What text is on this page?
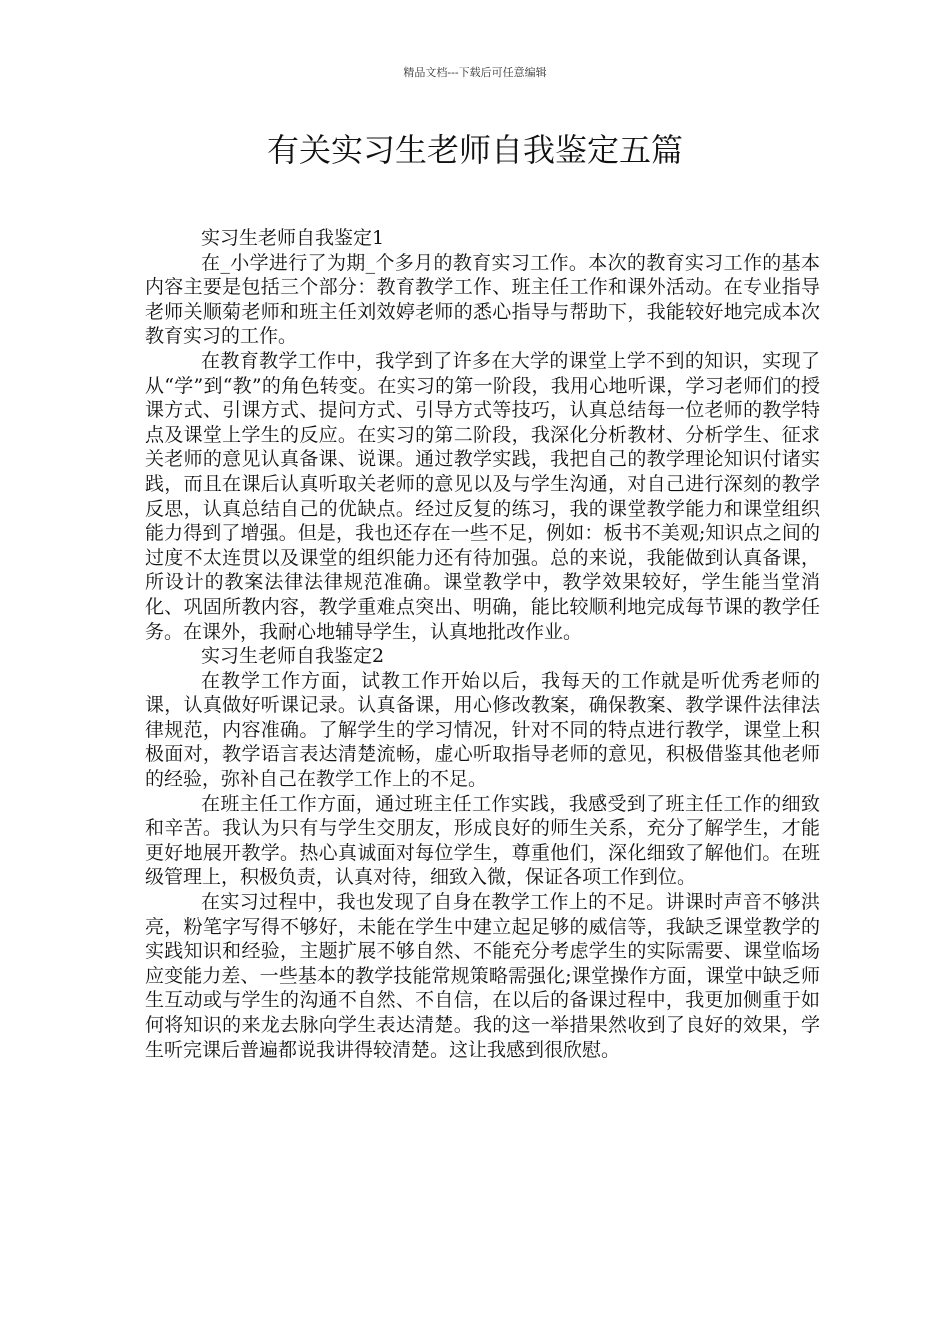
精品文档---下载后可任意编辑
有关实习生老师自我鉴定五篇

实习生老师自我鉴定1

在_小学进行了为期_个多月的教育实习工作。本次的教育实习工作的基本内容主要是包括三个部分：教育教学工作、班主任工作和课外活动。在专业指导老师关顺菊老师和班主任刘效婷老师的悉心指导与帮助下，我能较好地完成本次教育实习的工作。

在教育教学工作中，我学到了许多在大学的课堂上学不到的知识，实现了从“学”到“教”的角色转变。在实习的第一阶段，我用心地听课，学习老师们的授课方式、引课方式、提问方式、引导方式等技巧，认真总结每一位老师的教学特点及课堂上学生的反应。在实习的第二阶段，我深化分析教材、分析学生、征求关老师的意见认真备课、说课。通过教学实践，我把自己的教学理论知识付诸实践，而且在课后认真听取关老师的意见以及与学生沟通，对自己进行深刻的教学反思，认真总结自己的优缺点。经过反复的练习，我的课堂教学能力和课堂组织能力得到了增强。但是，我也还存在一些不足，例如：板书不美观;知识点之间的过度不太连贯以及课堂的组织能力还有待加强。总的来说，我能做到认真备课，所设计的教案法律法律规范准确。课堂教学中，教学效果较好，学生能当堂消化、巩固所教内容，教学重难点突出、明确，能比较顺利地完成每节课的教学任务。在课外，我耐心地辅导学生，认真地批改作业。

实习生老师自我鉴定2

在教学工作方面，试教工作开始以后，我每天的工作就是听优秀老师的课，认真做好听课记录。认真备课，用心修改教案，确保教案、教学课件法律法律规范，内容准确。了解学生的学习情况，针对不同的特点进行教学，课堂上积极面对，教学语言表达清楚流畅，虚心听取指导老师的意见，积极借鉴其他老师的经验，弥补自己在教学工作上的不足。

在班主任工作方面，通过班主任工作实践，我感受到了班主任工作的细致和辛苦。我认为只有与学生交朋友，形成良好的师生关系，充分了解学生，才能更好地展开教学。热心真诚面对每位学生，尊重他们，深化细致了解他们。在班级管理上，积极负责，认真对待，细致入微，保证各项工作到位。

在实习过程中，我也发现了自身在教学工作上的不足。讲课时声音不够洪亮，粉笔字写得不够好，未能在学生中建立起足够的威信等，我缺乏课堂教学的实践知识和经验，主题扩展不够自然、不能充分考虑学生的实际需要、课堂临场应变能力差、一些基本的教学技能常规策略需强化;课堂操作方面，课堂中缺乏师生互动或与学生的沟通不自然、不自信，在以后的备课过程中，我更加侧重于如何将知识的来龙去脉向学生表达清楚。我的这一举措果然收到了良好的效果，学生听完课后普遍都说我讲得较清楚。这让我感到很欣慰。
